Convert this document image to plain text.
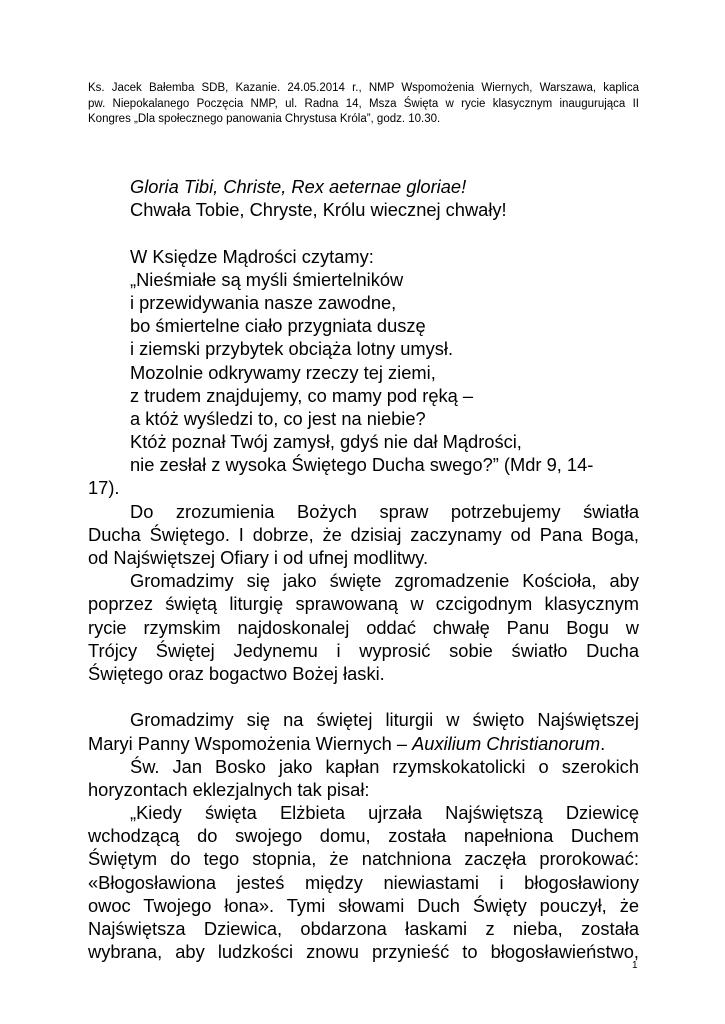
Ks. Jacek Bałemba SDB, Kazanie. 24.05.2014 r., NMP Wspomożenia Wiernych, Warszawa, kaplica
pw. Niepokalanego Poczęcia NMP, ul. Radna 14, Msza Święta w rycie klasycznym inaugurująca II
Kongres „Dla społecznego panowania Chrystusa Króla”, godz. 10.30.
Gloria Tibi, Christe, Rex aeternae gloriae!
Chwała Tobie, Chryste, Królu wiecznej chwały!
W Księdze Mądrości czytamy:
„Nieśmiałe są myśli śmiertelników
i przewidywania nasze zawodne,
bo śmiertelne ciało przygniata duszę
i ziemski przybytek obciąża lotny umysł.
Mozolnie odkrywamy rzeczy tej ziemi,
z trudem znajdujemy, co mamy pod ręką –
a któż wyśledzi to, co jest na niebie?
Któż poznał Twój zamysł, gdyś nie dał Mądrości,
nie zesłał z wysoka Świętego Ducha swego?” (Mdr 9, 14-
17).
Do zrozumienia Bożych spraw potrzebujemy światła
Ducha Świętego. I dobrze, że dzisiaj zaczynamy od Pana Boga,
od Najświętszej Ofiary i od ufnej modlitwy.
Gromadzimy się jako święte zgromadzenie Kościoła, aby
poprzez świętą liturgię sprawowaną w czcigodnym klasycznym
rycie rzymskim najdoskonalej oddać chwałę Panu Bogu w
Trójcy Świętej Jedynemu i wyprosić sobie światło Ducha
Świętego oraz bogactwo Bożej łaski.
Gromadzimy się na świętej liturgii w święto Najświętszej
Maryi Panny Wspomożenia Wiernych – Auxilium Christianorum.
Św. Jan Bosko jako kapłan rzymskokatolicki o szerokich
horyzontach eklezjalnych tak pisał:
„Kiedy święta Elżbieta ujrzała Najświętszą Dziewicę
wchodzącą do swojego domu, została napełniona Duchem
Świętym do tego stopnia, że natchniona zaczęła prorokować:
«Błogosławiona jesteś między niewiastami i błogosławiony
owoc Twojego łona». Tymi słowami Duch Święty pouczył, że
Najświętsza Dziewica, obdarzona łaskami z nieba, została
wybrana, aby ludzkości znowu przynieść to błogosławieństwo,
1
